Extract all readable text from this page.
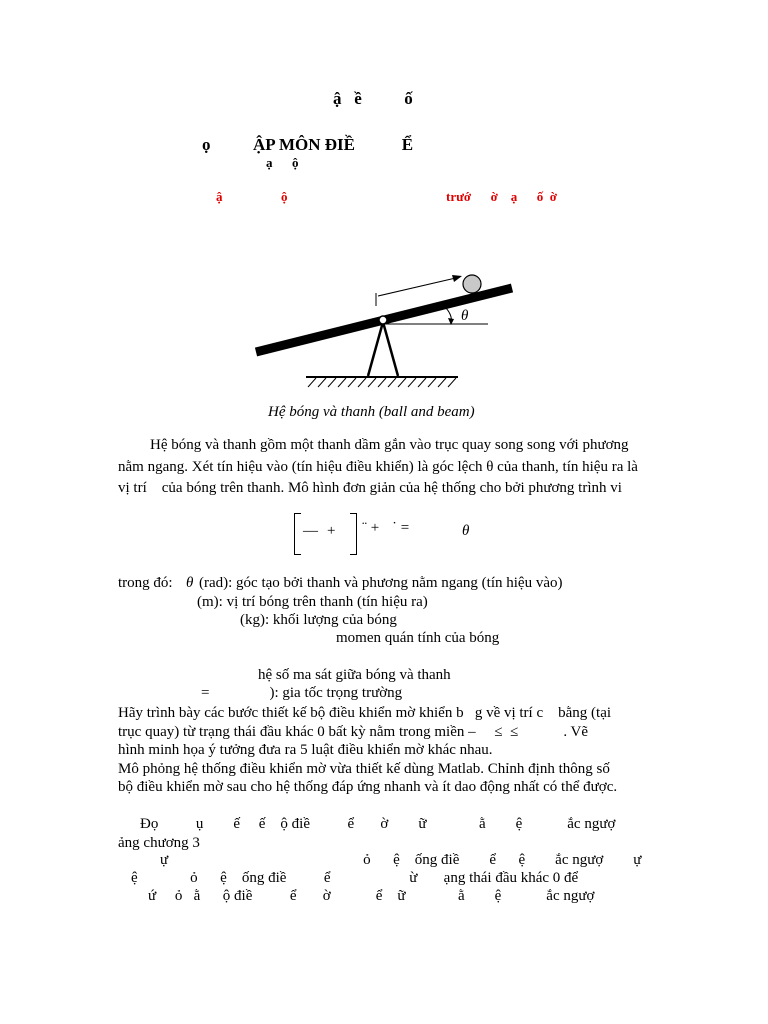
ậ   ề          ố
ọ          ẬP MÔN ĐIỀ           Ể
ạ      ộ
ậ                  ộ	trướ      ờ    ạ      ố  ờ
θ
Hệ bóng và thanh (ball and beam)
Hệ bóng và thanh gồm một thanh dầm gắn vào trục quay song song với phương
nằm ngang. Xét tín hiệu vào (tín hiệu điều khiển) là góc lệch θ của thanh, tín hiệu ra là
vị trí    của bóng trên thanh. Mô hình đơn giản của hệ thống cho bởi phương trình vi
— + ¨ + ˙ =	θ
trong đó: θ (rad): góc tạo bởi thanh và phương nằm ngang (tín hiệu vào)
(m): vị trí bóng trên thanh (tín hiệu ra)
(kg): khối lượng của bóng
momen quán tính của bóng
hệ số ma sát giữa bóng và thanh
=                ): gia tốc trọng trường
Hãy trình bày các bước thiết kế bộ điều khiển mờ khiển b   g về vị trí c    bằng (tại
trục quay) từ trạng thái đầu khác 0 bất kỳ nằm trong miền –     ≤  ≤            . Vẽ
hình minh họa ý tưởng đưa ra 5 luật điều khiển mờ khác nhau.
Mô phỏng hệ thống điều khiển mờ vừa thiết kế dùng Matlab. Chỉnh định thông số
bộ điều khiển mờ sau cho hệ thống đáp ứng nhanh và ít dao động nhất có thể được.
Đọ          ụ        ế     ế    ộ điề          ể       ờ        ữ              ằ        ệ            ắc ngượ
ảng chương 3
ự                                                    ỏ      ệ    ống điề        ể      ệ        ắc ngượ        ự
ệ              ỏ      ệ    ống điề          ể                     ừ       ạng thái đầu khác 0 để
ứ     ỏ   ằ      ộ điề          ể       ờ            ể    ữ              ằ        ệ            ắc ngượ
